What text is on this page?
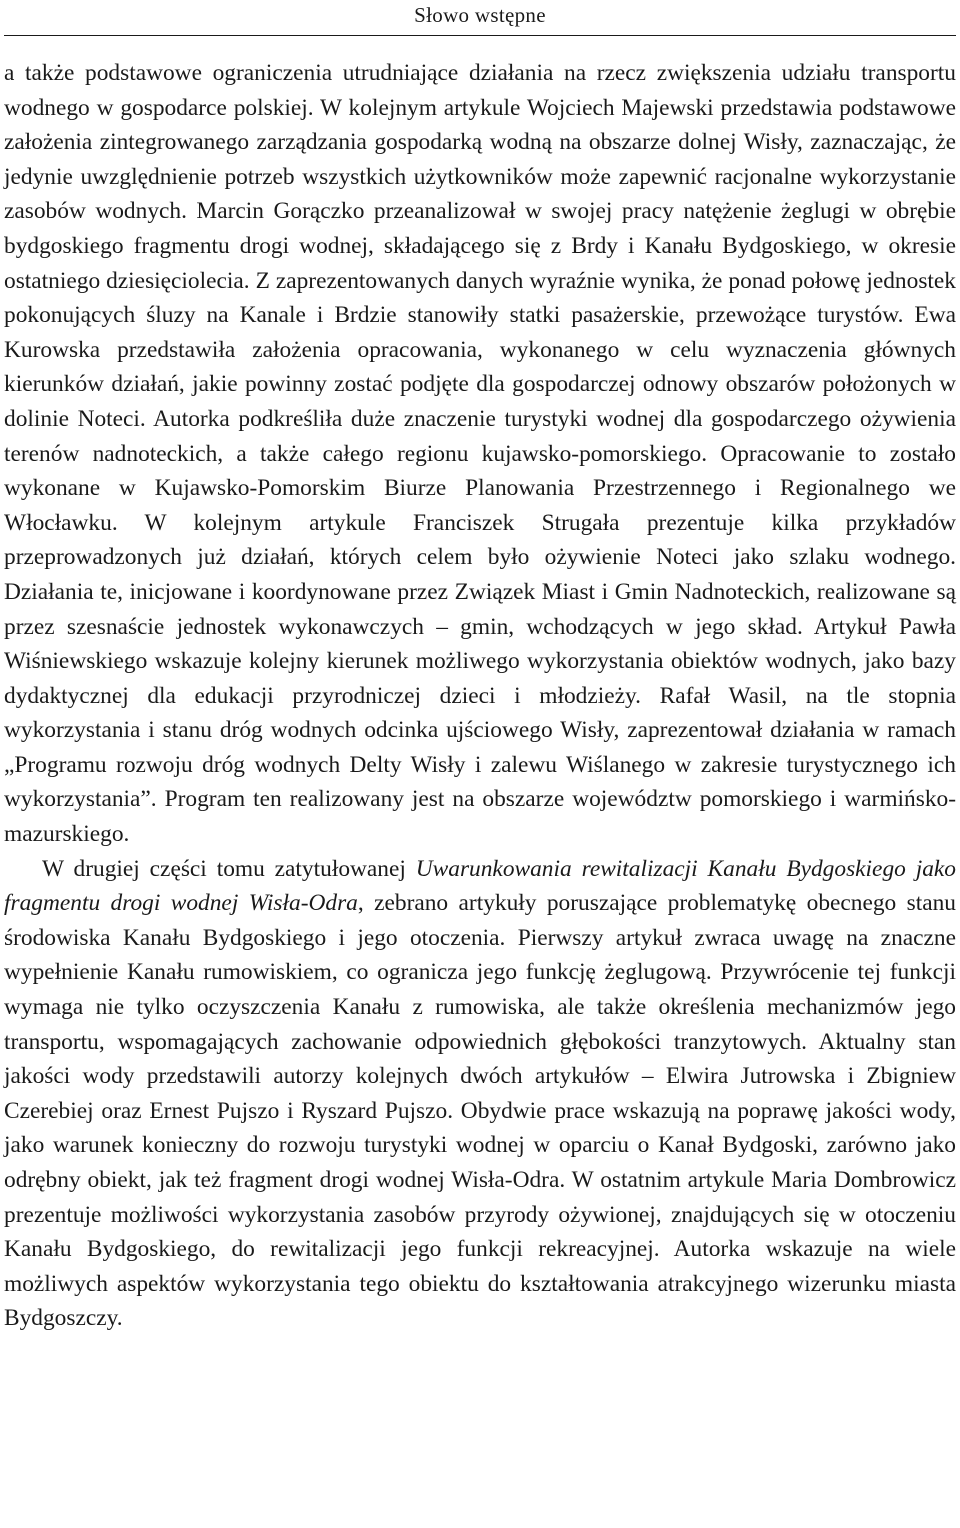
Słowo wstępne

a także podstawowe ograniczenia utrudniające działania na rzecz zwiększenia udziału transportu wodnego w gospodarce polskiej. W kolejnym artykule Wojciech Majewski przedstawia podstawowe założenia zintegrowanego zarządzania gospodarką wodną na obszarze dolnej Wisły, zaznaczając, że jedynie uwzględnienie potrzeb wszystkich użytkowników może zapewnić racjonalne wykorzystanie zasobów wodnych. Marcin Gorączko przeanalizował w swojej pracy natężenie żeglugi w obrębie bydgoskiego fragmentu drogi wodnej, składającego się z Brdy i Kanału Bydgoskiego, w okresie ostatniego dziesięciolecia. Z zaprezentowanych danych wyraźnie wynika, że ponad połowę jednostek pokonujących śluzy na Kanale i Brdzie stanowiły statki pasażerskie, przewożące turystów. Ewa Kurowska przedstawiła założenia opracowania, wykonanego w celu wyznaczenia głównych kierunków działań, jakie powinny zostać podjęte dla gospodarczej odnowy obszarów położonych w dolinie Noteci. Autorka podkreśliła duże znaczenie turystyki wodnej dla gospodarczego ożywienia terenów nadnoteckich, a także całego regionu kujawsko-pomorskiego. Opracowanie to zostało wykonane w Kujawsko-Pomorskim Biurze Planowania Przestrzennego i Regionalnego we Włocławku. W kolejnym artykule Franciszek Strugała prezentuje kilka przykładów przeprowadzonych już działań, których celem było ożywienie Noteci jako szlaku wodnego. Działania te, inicjowane i koordynowane przez Związek Miast i Gmin Nadnoteckich, realizowane są przez szesnaście jednostek wykonawczych – gmin, wchodzących w jego skład. Artykuł Pawła Wiśniewskiego wskazuje kolejny kierunek możliwego wykorzystania obiektów wodnych, jako bazy dydaktycznej dla edukacji przyrodniczej dzieci i młodzieży. Rafał Wasil, na tle stopnia wykorzystania i stanu dróg wodnych odcinka ujściowego Wisły, zaprezentował działania w ramach „Programu rozwoju dróg wodnych Delty Wisły i zalewu Wiślanego w zakresie turystycznego ich wykorzystania”. Program ten realizowany jest na obszarze województw pomorskiego i warmińsko-mazurskiego.

W drugiej części tomu zatytułowanej Uwarunkowania rewitalizacji Kanału Bydgoskiego jako fragmentu drogi wodnej Wisła-Odra, zebrano artykuły poruszające problematykę obecnego stanu środowiska Kanału Bydgoskiego i jego otoczenia. Pierwszy artykuł zwraca uwagę na znaczne wypełnienie Kanału rumowiskiem, co ogranicza jego funkcję żeglugową. Przywrócenie tej funkcji wymaga nie tylko oczyszczenia Kanału z rumowiska, ale także określenia mechanizmów jego transportu, wspomagających zachowanie odpowiednich głębokości tranzytowych. Aktualny stan jakości wody przedstawili autorzy kolejnych dwóch artykułów – Elwira Jutrowska i Zbigniew Czerebiej oraz Ernest Pujszo i Ryszard Pujszo. Obydwie prace wskazują na poprawę jakości wody, jako warunek konieczny do rozwoju turystyki wodnej w oparciu o Kanał Bydgoski, zarówno jako odrębny obiekt, jak też fragment drogi wodnej Wisła-Odra. W ostatnim artykule Maria Dombrowicz prezentuje możliwości wykorzystania zasobów przyrody ożywionej, znajdujących się w otoczeniu Kanału Bydgoskiego, do rewitalizacji jego funkcji rekreacyjnej. Autorka wskazuje na wiele możliwych aspektów wykorzystania tego obiektu do kształtowania atrakcyjnego wizerunku miasta Bydgoszczy.
